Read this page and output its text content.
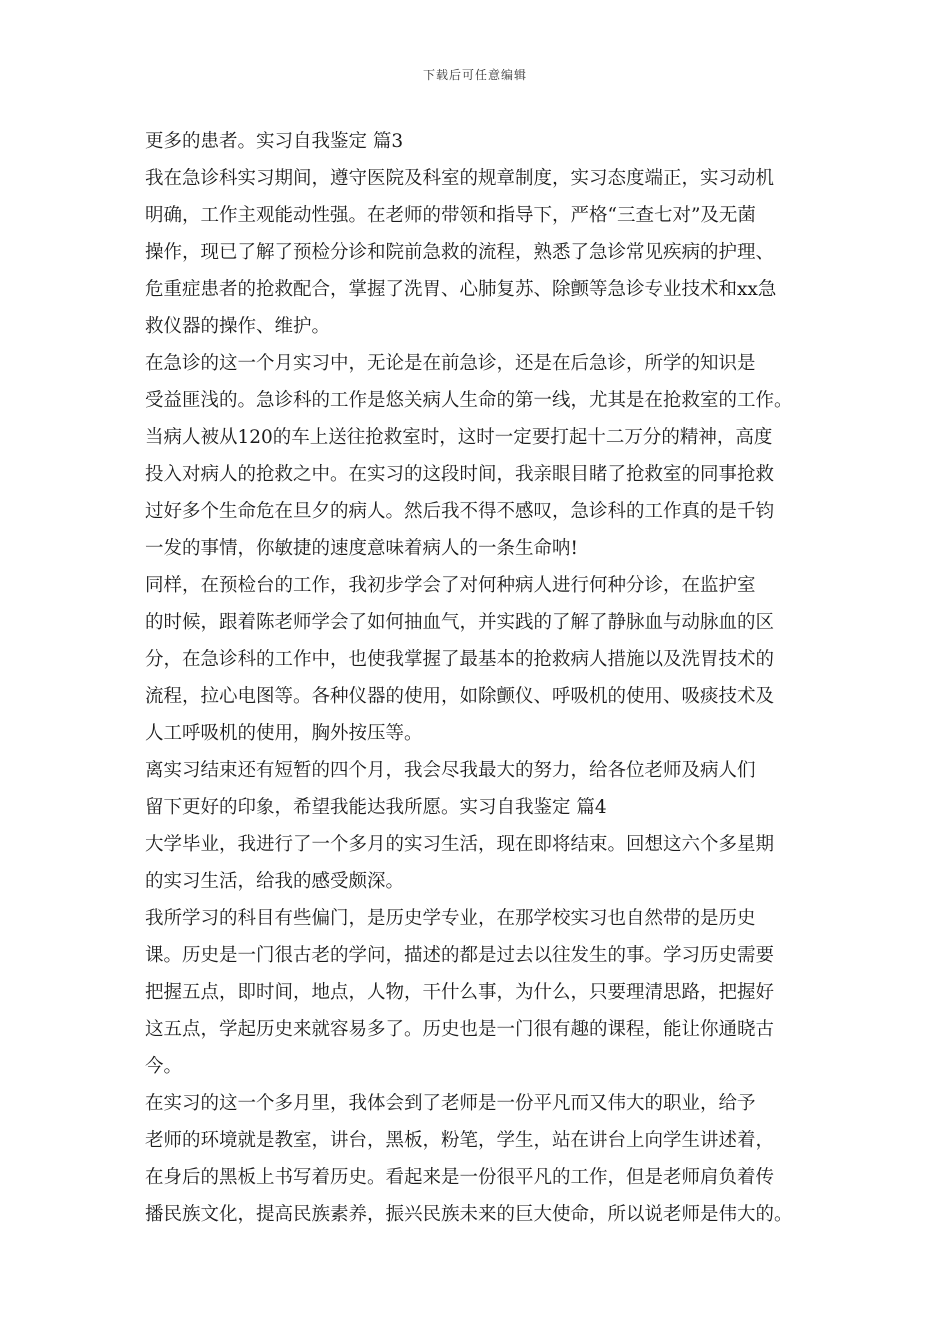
下载后可任意编辑
更多的患者。实习自我鉴定 篇3
我在急诊科实习期间，遵守医院及科室的规章制度，实习态度端正，实习动机
明确，工作主观能动性强。在老师的带领和指导下，严格“三查七对”及无菌
操作，现已了解了预检分诊和院前急救的流程，熟悉了急诊常见疾病的护理、
危重症患者的抢救配合，掌握了洗胃、心肺复苏、除颤等急诊专业技术和xx急
救仪器的操作、维护。
在急诊的这一个月实习中，无论是在前急诊，还是在后急诊，所学的知识是
受益匪浅的。急诊科的工作是悠关病人生命的第一线，尤其是在抢救室的工作。
当病人被从120的车上送往抢救室时，这时一定要打起十二万分的精神，高度
投入对病人的抢救之中。在实习的这段时间，我亲眼目睹了抢救室的同事抢救
过好多个生命危在旦夕的病人。然后我不得不感叹，急诊科的工作真的是千钧
一发的事情，你敏捷的速度意味着病人的一条生命呐!
同样，在预检台的工作，我初步学会了对何种病人进行何种分诊，在监护室
的时候，跟着陈老师学会了如何抽血气，并实践的了解了静脉血与动脉血的区
分，在急诊科的工作中，也使我掌握了最基本的抢救病人措施以及洗胃技术的
流程，拉心电图等。各种仪器的使用，如除颤仪、呼吸机的使用、吸痰技术及
人工呼吸机的使用，胸外按压等。
离实习结束还有短暂的四个月，我会尽我最大的努力，给各位老师及病人们
留下更好的印象，希望我能达我所愿。实习自我鉴定 篇4
大学毕业，我进行了一个多月的实习生活，现在即将结束。回想这六个多星期
的实习生活，给我的感受颇深。
我所学习的科目有些偏门，是历史学专业，在那学校实习也自然带的是历史
课。历史是一门很古老的学问，描述的都是过去以往发生的事。学习历史需要
把握五点，即时间，地点，人物，干什么事，为什么，只要理清思路，把握好
这五点，学起历史来就容易多了。历史也是一门很有趣的课程，能让你通晓古
今。
在实习的这一个多月里，我体会到了老师是一份平凡而又伟大的职业，给予
老师的环境就是教室，讲台，黑板，粉笔，学生，站在讲台上向学生讲述着，
在身后的黑板上书写着历史。看起来是一份很平凡的工作，但是老师肩负着传
播民族文化，提高民族素养，振兴民族未来的巨大使命，所以说老师是伟大的。
